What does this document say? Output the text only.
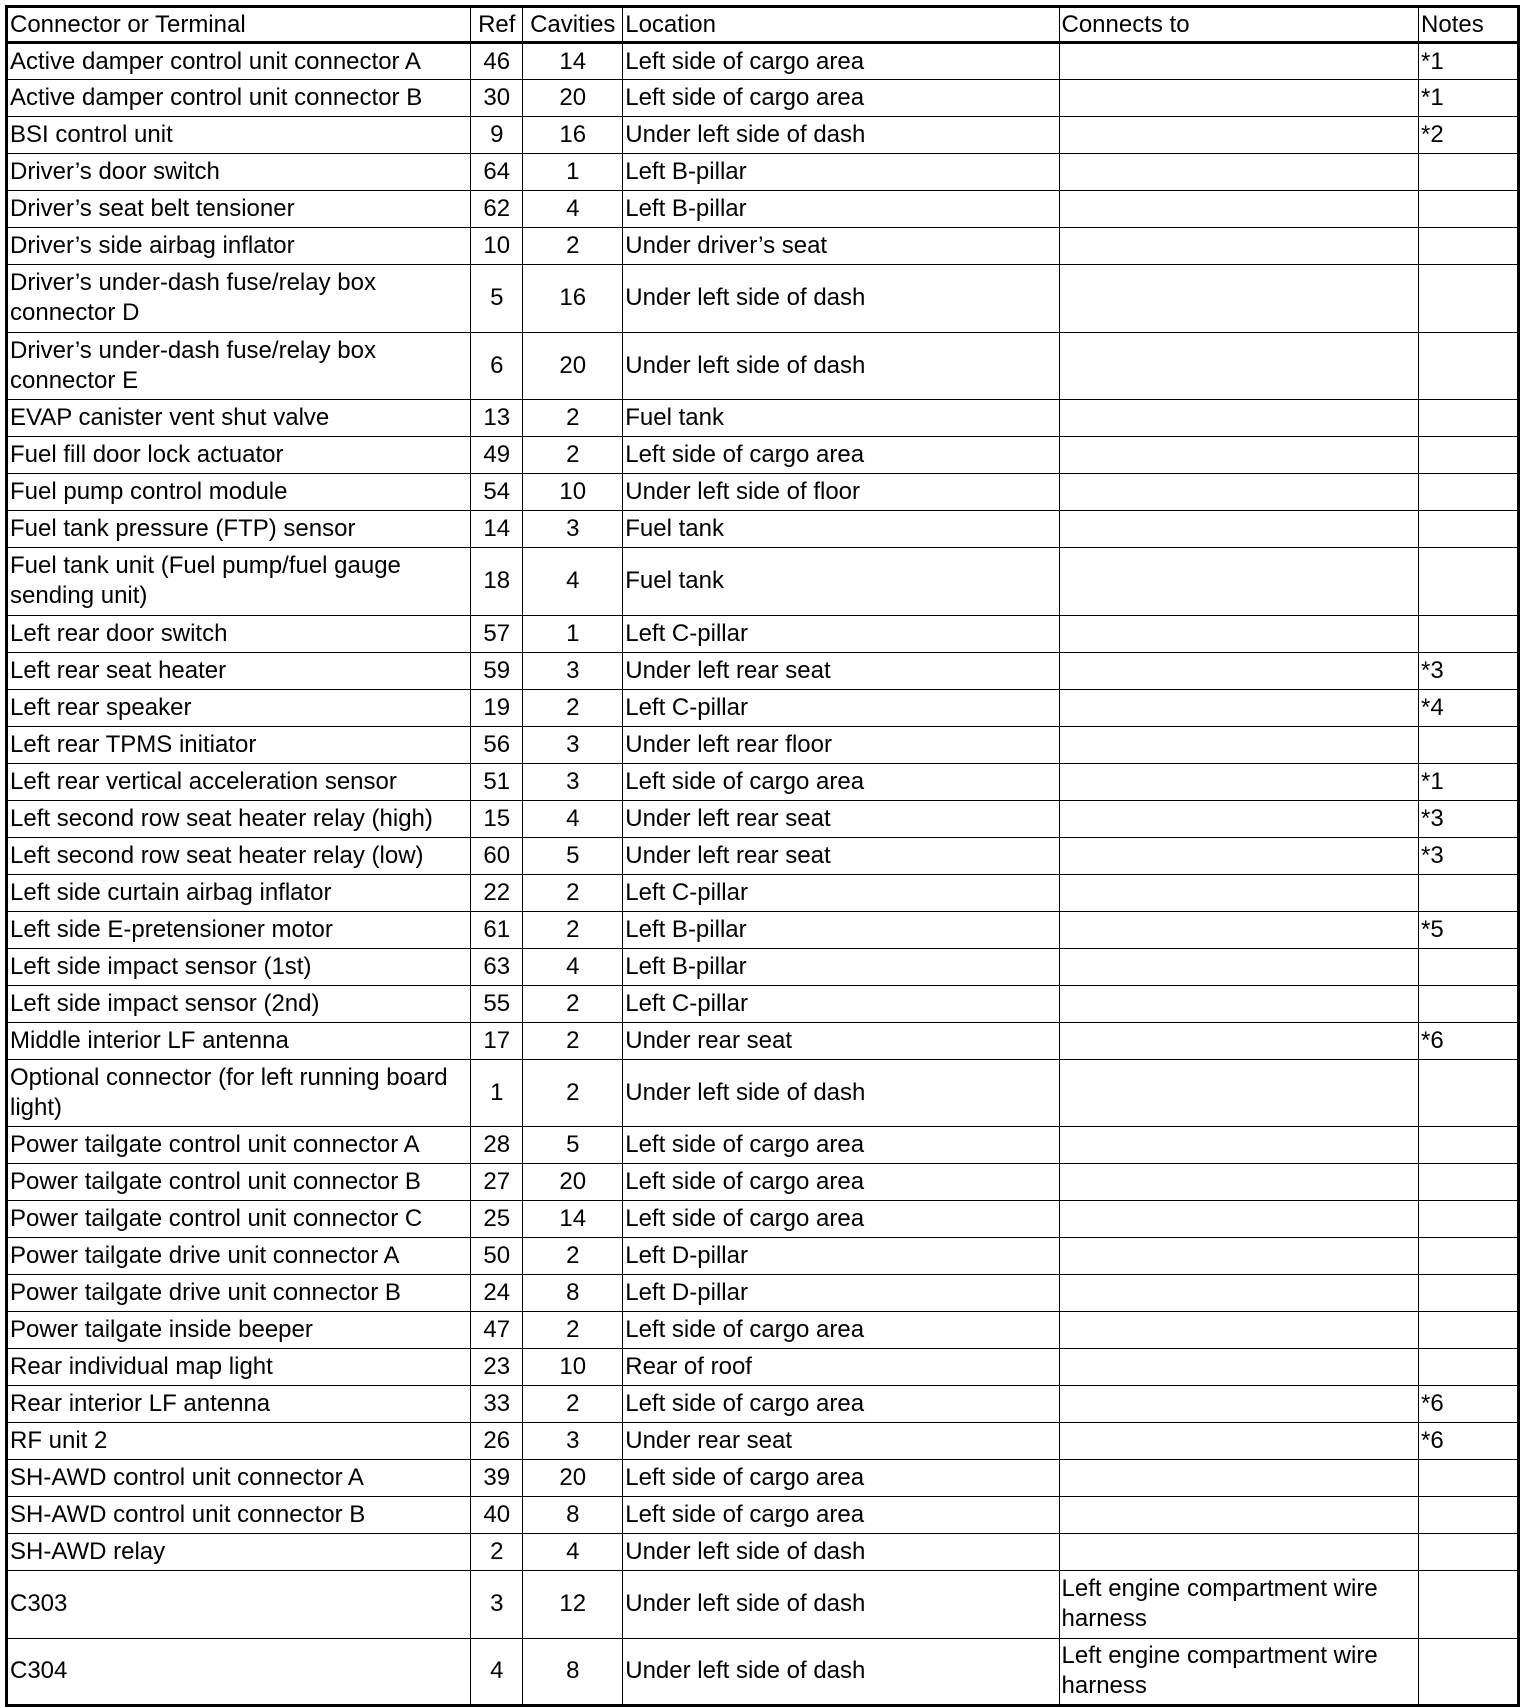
Connector or Terminal	Ref	Cavities	Location	Connects to	Notes
Active damper control unit connector A	46	14	Left side of cargo area		*1
Active damper control unit connector B	30	20	Left side of cargo area		*1
BSI control unit	9	16	Under left side of dash		*2
Driver’s door switch	64	1	Left B-pillar		
Driver’s seat belt tensioner	62	4	Left B-pillar		
Driver’s side airbag inflator	10	2	Under driver’s seat		
Driver’s under-dash fuse/relay box connector D	5	16	Under left side of dash		
Driver’s under-dash fuse/relay box connector E	6	20	Under left side of dash		
EVAP canister vent shut valve	13	2	Fuel tank		
Fuel fill door lock actuator	49	2	Left side of cargo area		
Fuel pump control module	54	10	Under left side of floor		
Fuel tank pressure (FTP) sensor	14	3	Fuel tank		
Fuel tank unit (Fuel pump/fuel gauge sending unit)	18	4	Fuel tank		
Left rear door switch	57	1	Left C-pillar		
Left rear seat heater	59	3	Under left rear seat		*3
Left rear speaker	19	2	Left C-pillar		*4
Left rear TPMS initiator	56	3	Under left rear floor		
Left rear vertical acceleration sensor	51	3	Left side of cargo area		*1
Left second row seat heater relay (high)	15	4	Under left rear seat		*3
Left second row seat heater relay (low)	60	5	Under left rear seat		*3
Left side curtain airbag inflator	22	2	Left C-pillar		
Left side E-pretensioner motor	61	2	Left B-pillar		*5
Left side impact sensor (1st)	63	4	Left B-pillar		
Left side impact sensor (2nd)	55	2	Left C-pillar		
Middle interior LF antenna	17	2	Under rear seat		*6
Optional connector (for left running board light)	1	2	Under left side of dash		
Power tailgate control unit connector A	28	5	Left side of cargo area		
Power tailgate control unit connector B	27	20	Left side of cargo area		
Power tailgate control unit connector C	25	14	Left side of cargo area		
Power tailgate drive unit connector A	50	2	Left D-pillar		
Power tailgate drive unit connector B	24	8	Left D-pillar		
Power tailgate inside beeper	47	2	Left side of cargo area		
Rear individual map light	23	10	Rear of roof		
Rear interior LF antenna	33	2	Left side of cargo area		*6
RF unit 2	26	3	Under rear seat		*6
SH-AWD control unit connector A	39	20	Left side of cargo area		
SH-AWD control unit connector B	40	8	Left side of cargo area		
SH-AWD relay	2	4	Under left side of dash		
C303	3	12	Under left side of dash	Left engine compartment wire harness	
C304	4	8	Under left side of dash	Left engine compartment wire harness	
